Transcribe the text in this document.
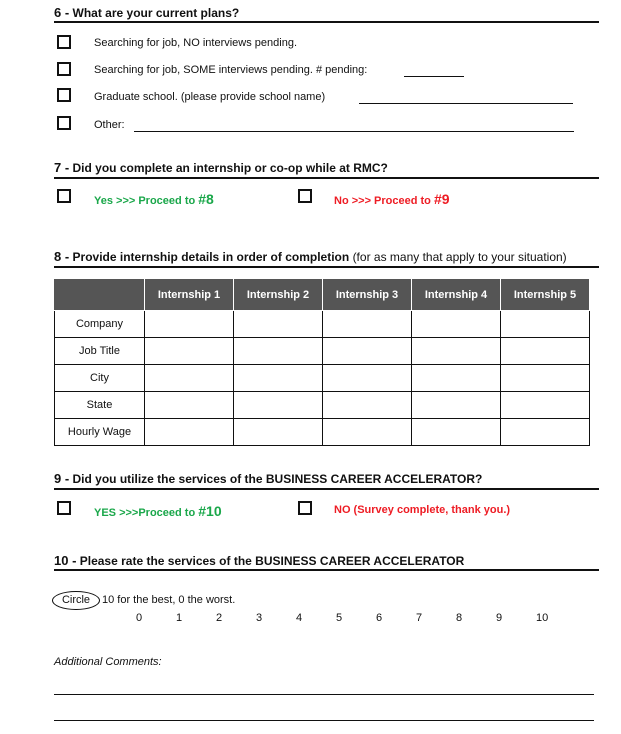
6 - What are your current plans?
Searching for job, NO interviews pending.
Searching for job, SOME interviews pending. # pending:
Graduate school. (please provide school name)
Other:
7 - Did you complete an internship or co-op while at RMC?
Yes >>> Proceed to #8	No >>> Proceed to #9
8 - Provide internship details in order of completion (for as many that apply to your situation)
	Internship 1	Internship 2	Internship 3	Internship 4	Internship 5
Company					
Job Title					
City					
State					
Hourly Wage					
9 - Did you utilize the services of the BUSINESS CAREER ACCELERATOR?
YES >>>Proceed to #10	NO (Survey complete, thank you.)
10 - Please rate the services of the BUSINESS CAREER ACCELERATOR
Circle	10 for the best, 0 the worst.
0	1	2	3	4	5	6	7	8	9	10
Additional Comments:
